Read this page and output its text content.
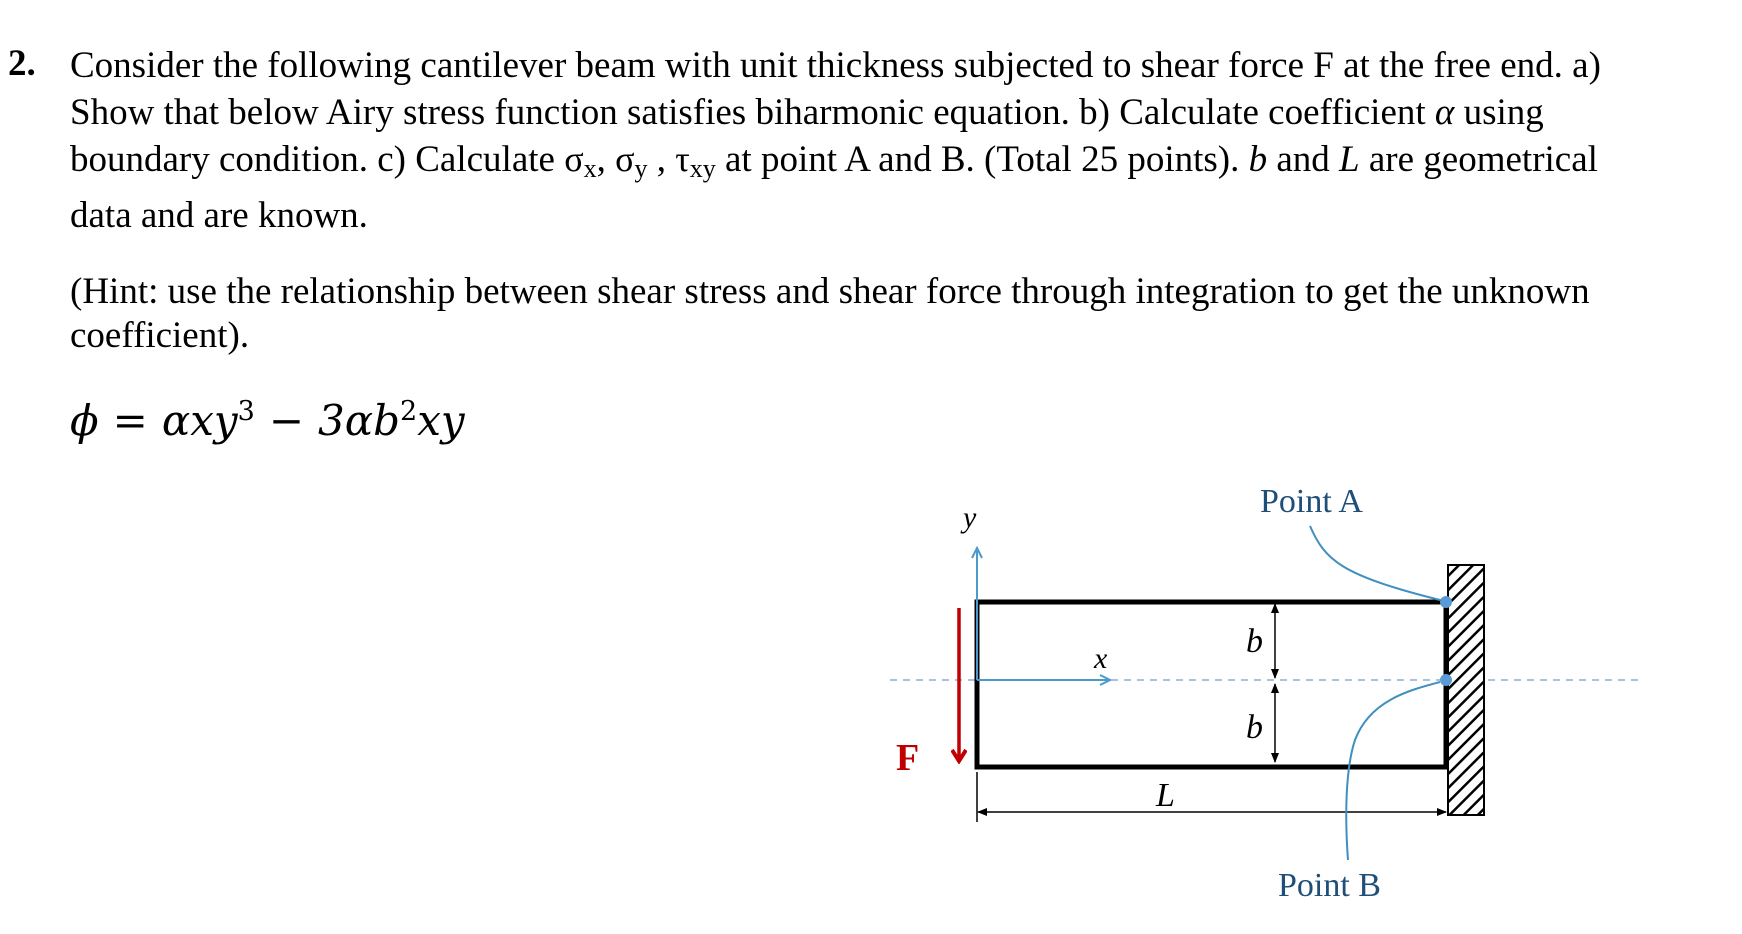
2. Consider the following cantilever beam with unit thickness subjected to shear force F at the free end. a) Show that below Airy stress function satisfies biharmonic equation. b) Calculate coefficient α using boundary condition. c) Calculate $\sigma_x$, $\sigma_y$ , $\tau_{xy}$ at point A and B. (Total 25 points). b and L are geometrical data and are known.
(Hint: use the relationship between shear stress and shear force through integration to get the unknown coefficient).
$\phi = \alpha xy^3 - 3\alpha b^2xy$
y
x
F
L
b
b
Point A
Point B
